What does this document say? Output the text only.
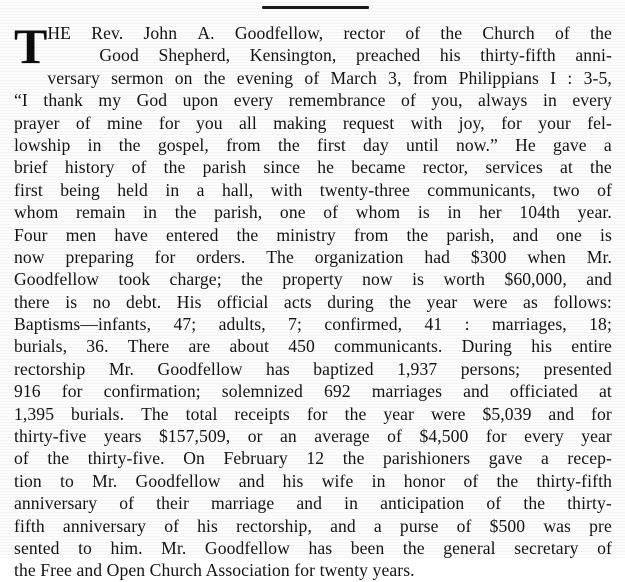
T HE Rev. John A. Goodfellow, rector of the Church of the
Good Shepherd, Kensington, preached his thirty-fifth anni-
versary sermon on the evening of March 3, from Philippians I : 3-5,
“I thank my God upon every remembrance of you, always in every
prayer of mine for you all making request with joy, for your fel-
lowship in the gospel, from the first day until now.” He gave a
brief history of the parish since he became rector, services at the
first being held in a hall, with twenty-three communicants, two of
whom remain in the parish, one of whom is in her 104th year.
Four men have entered the ministry from the parish, and one is
now preparing for orders. The organization had $300 when Mr.
Goodfellow took charge; the property now is worth $60,000, and
there is no debt. His official acts during the year were as follows:
Baptisms—infants, 47; adults, 7; confirmed, 41 : marriages, 18;
burials, 36. There are about 450 communicants. During his entire
rectorship Mr. Goodfellow has baptized 1,937 persons; presented
916 for confirmation; solemnized 692 marriages and officiated at
1,395 burials. The total receipts for the year were $5,039 and for
thirty-five years $157,509, or an average of $4,500 for every year
of the thirty-five. On February 12 the parishioners gave a recep-
tion to Mr. Goodfellow and his wife in honor of the thirty-fifth
anniversary of their marriage and in anticipation of the thirty-
fifth anniversary of his rectorship, and a purse of $500 was pre
sented to him. Mr. Goodfellow has been the general secretary of
the Free and Open Church Association for twenty years.
